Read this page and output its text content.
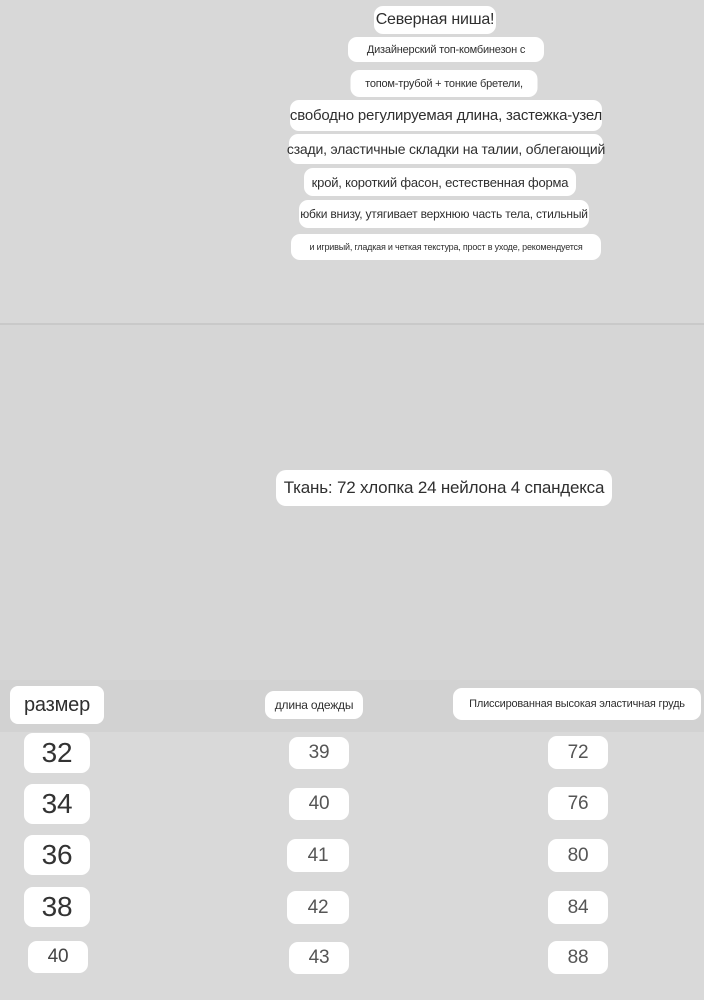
Северная ниша!
Дизайнерский топ-комбинезон с
топом-трубой + тонкие бретели,
свободно регулируемая длина, застежка-узел
сзади, эластичные складки на талии, облегающий
крой, короткий фасон, естественная форма
юбки внизу, утягивает верхнюю часть тела, стильный
и игривый, гладкая и четкая текстура, прост в уходе, рекомендуется
Ткань: 72 хлопка 24 нейлона 4 спандекса
размер	длина одежды	Плиссированная высокая эластичная грудь
32	39	72
34	40	76
36	41	80
38	42	84
40	43	88
